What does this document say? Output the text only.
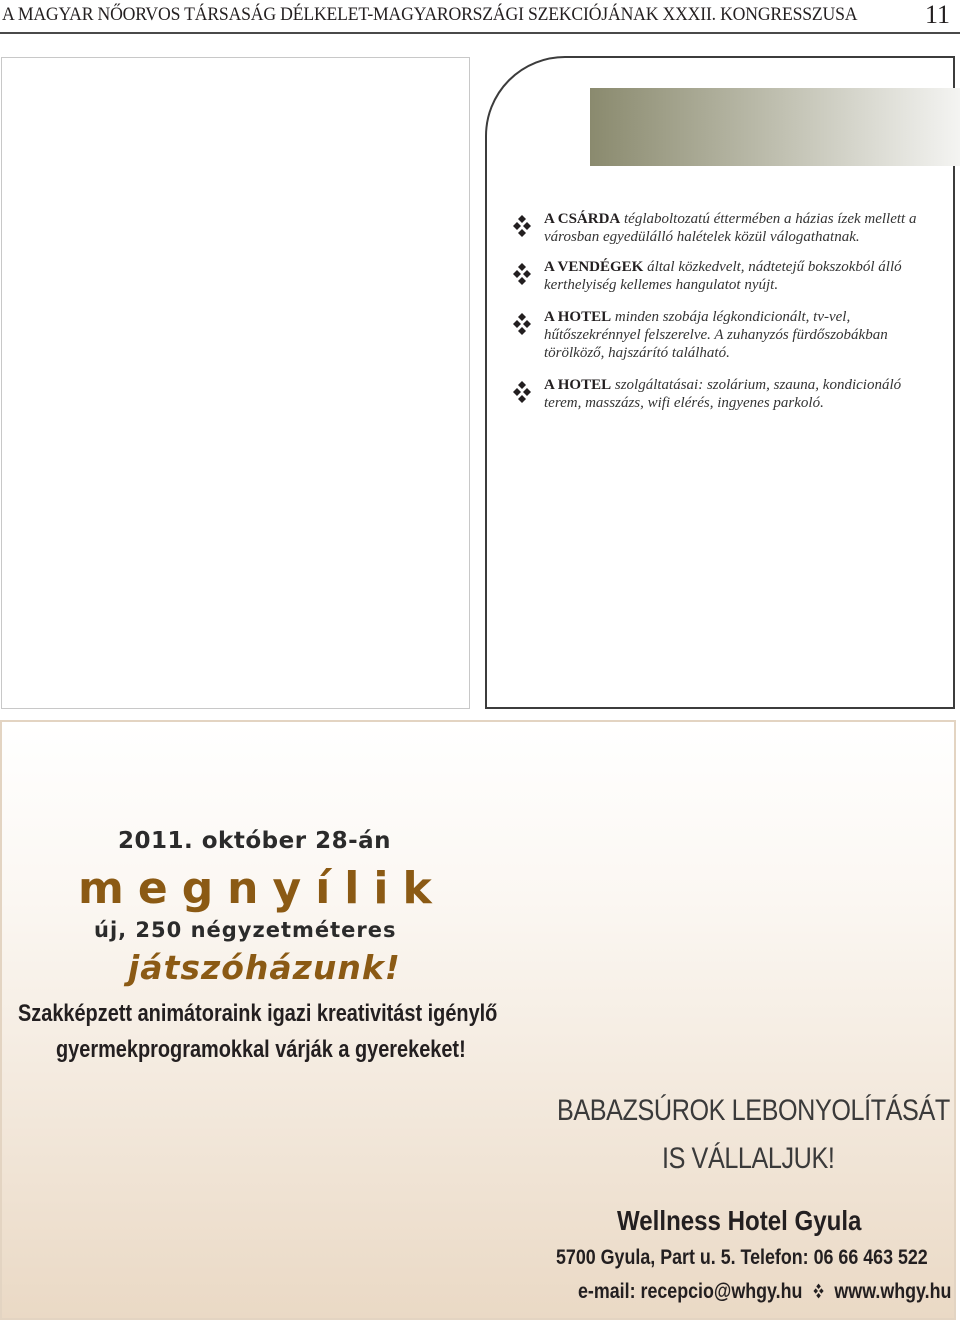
A MAGYAR NŐORVOS TÁRSASÁG DÉLKELET-MAGYARORSZÁGI SZEKCIÓJÁNAK XXXII. KONGRESSZUSA	11
A CSÁRDA téglaboltozatú éttermében a házias ízek mellett a városban egyedülálló halételek közül válogathatnak.
A VENDÉGEK által közkedvelt, nádtetejű bokszokból álló kerthelyiség kellemes hangulatot nyújt.
A HOTEL minden szobája légkondicionált, tv-vel, hűtőszekrénnyel felszerelve. A zuhanyzós fürdőszobákban törölköző, hajszárító található.
A HOTEL szolgáltatásai: szolárium, szauna, kondicionáló terem, masszázs, wifi elérés, ingyenes parkoló.
2011. október 28-án
megnyílik
új, 250 négyzetméteres
játszóházunk!
Szakképzett animátoraink igazi kreativitást igénylő
gyermekprogramokkal várják a gyerekeket!
BABAZSÚROK LEBONYOLÍTÁSÁT
IS VÁLLALJUK!
Wellness Hotel Gyula
5700 Gyula, Part u. 5. Telefon: 06 66 463 522
e-mail: recepcio@whgy.hu www.whgy.hu
